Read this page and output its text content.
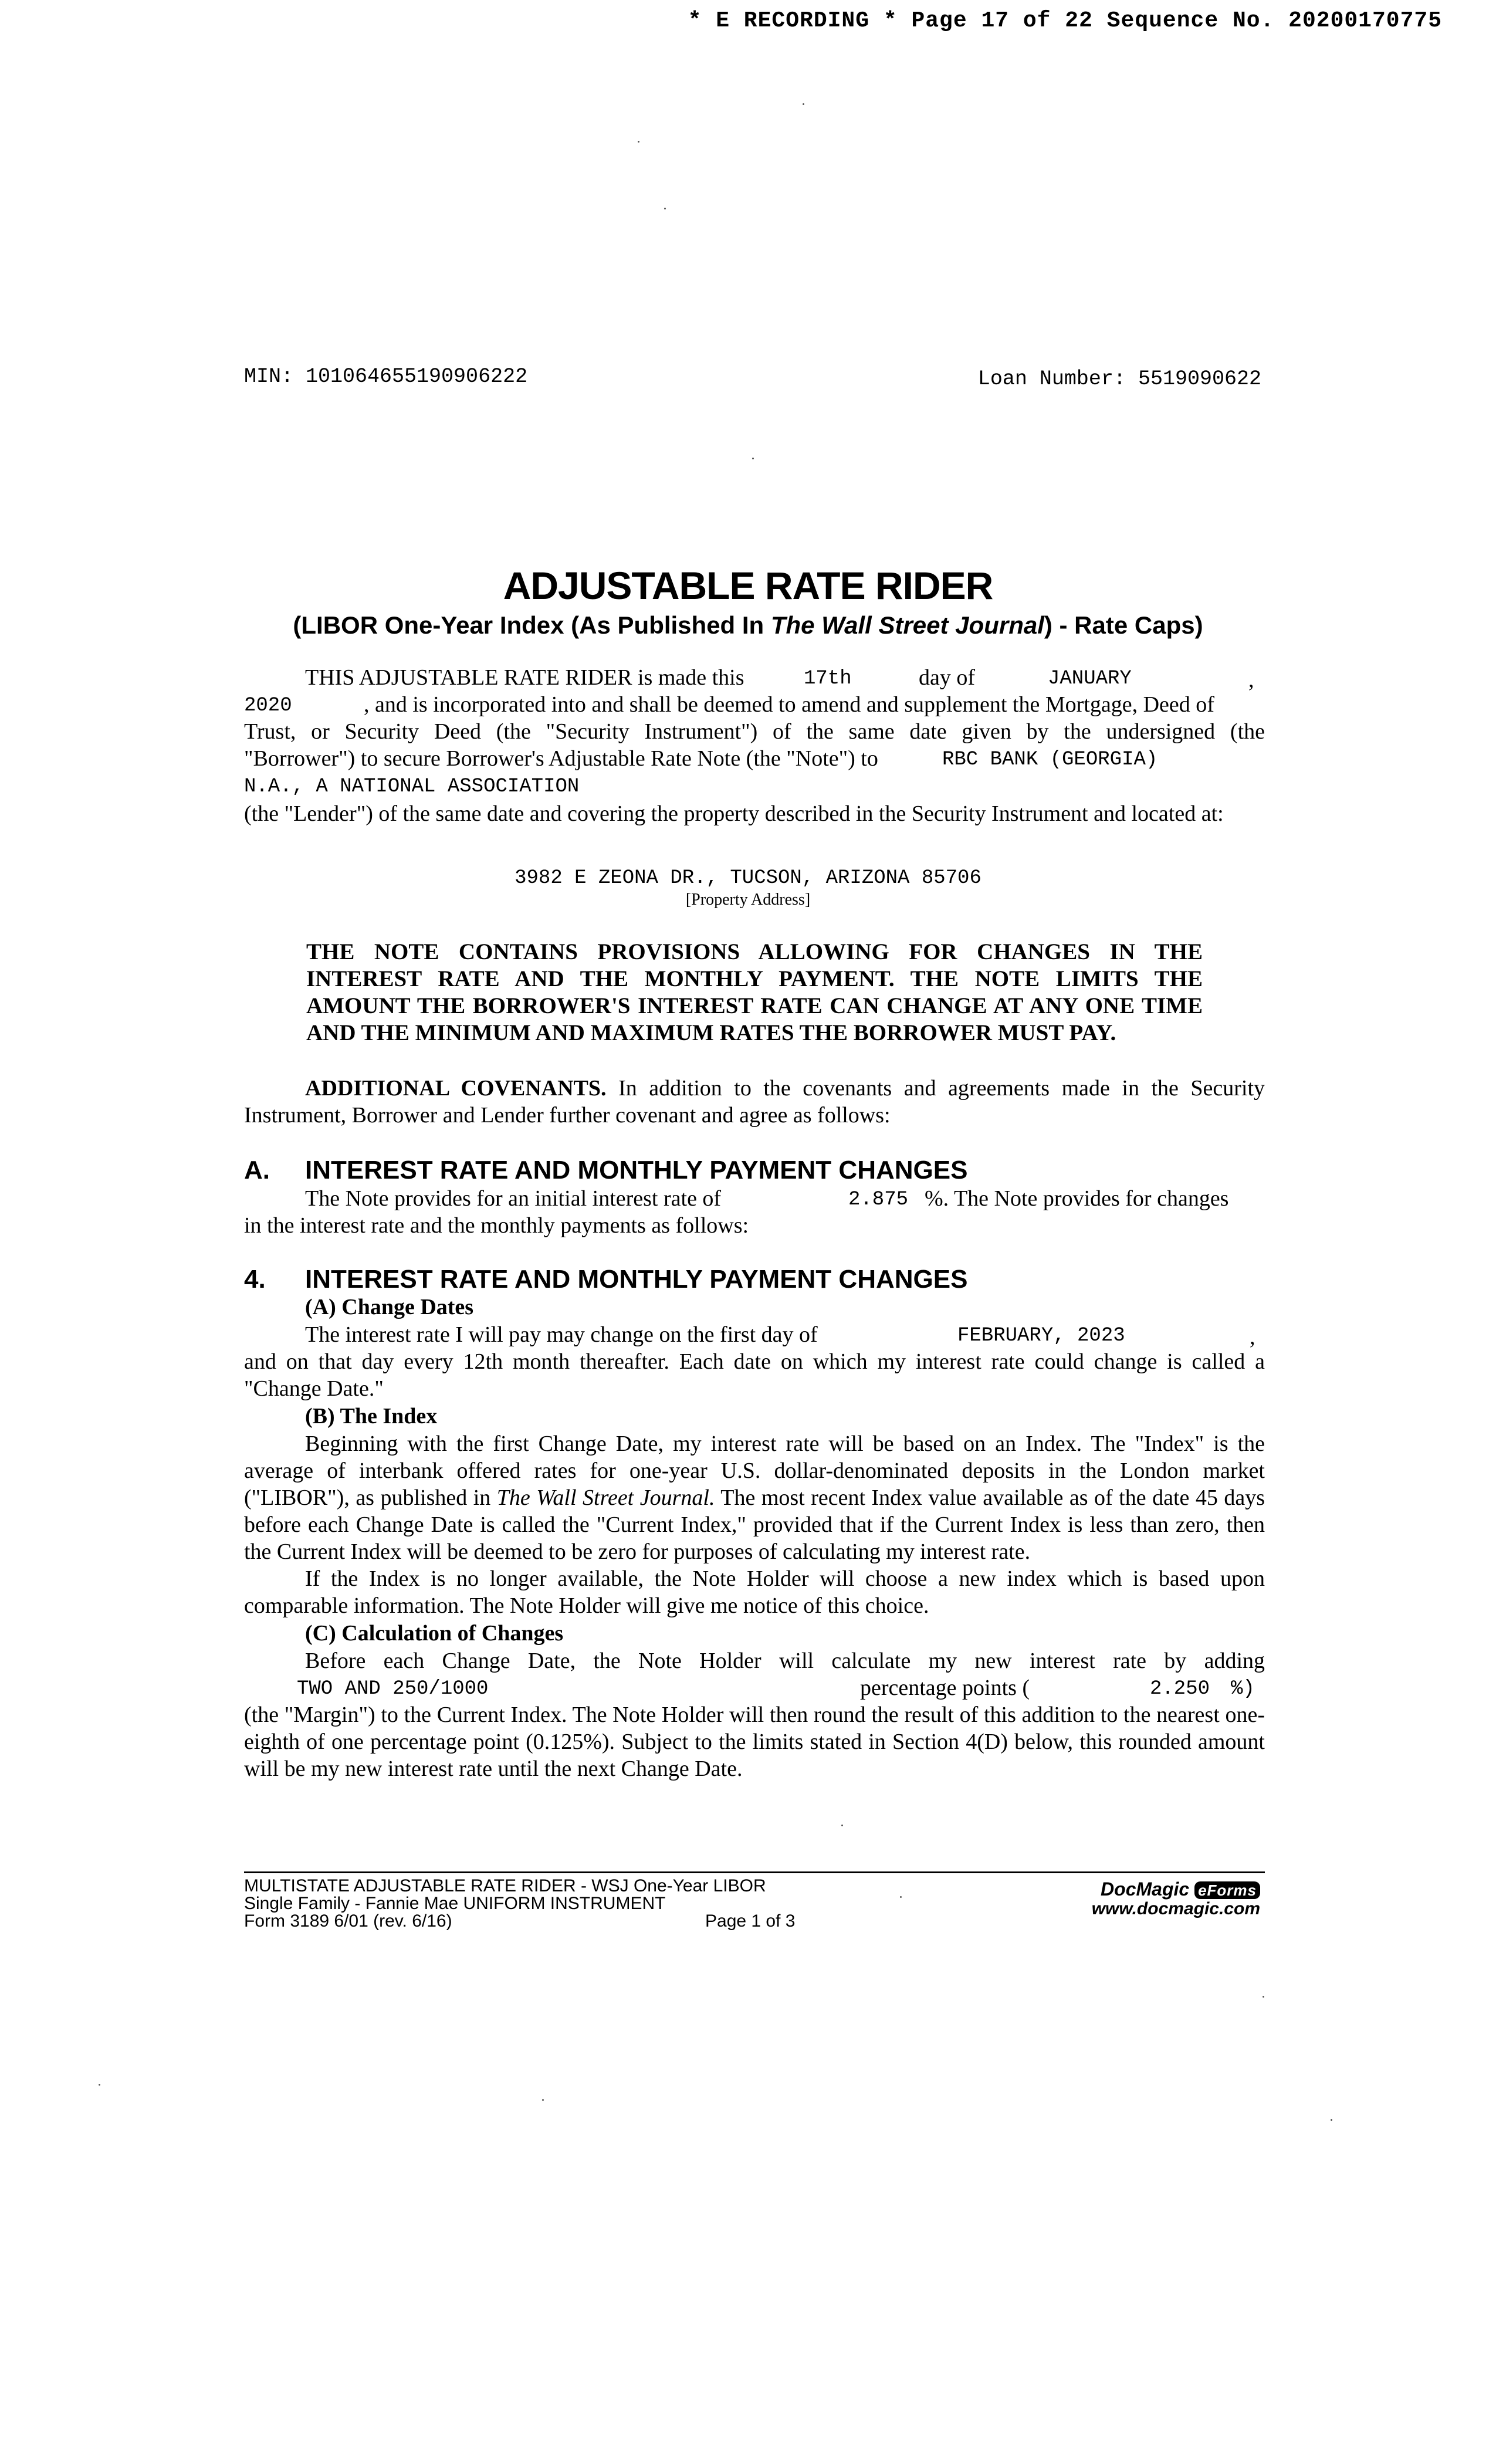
* E RECORDING * Page 17 of 22 Sequence No. 20200170775
MIN: 101064655190906222	Loan Number: 5519090622
ADJUSTABLE RATE RIDER
(LIBOR One-Year Index (As Published In The Wall Street Journal) - Rate Caps)
THIS ADJUSTABLE RATE RIDER is made this	17th	day of	JANUARY	,
2020	, and is incorporated into and shall be deemed to amend and supplement the Mortgage, Deed of
Trust, or Security Deed (the "Security Instrument") of the same date given by the undersigned (the
"Borrower") to secure Borrower's Adjustable Rate Note (the "Note") to	RBC BANK (GEORGIA)
N.A., A NATIONAL ASSOCIATION
(the "Lender") of the same date and covering the property described in the Security Instrument and located at:
3982 E ZEONA DR., TUCSON, ARIZONA 85706
[Property Address]
THE NOTE CONTAINS PROVISIONS ALLOWING FOR CHANGES IN THE INTEREST RATE AND THE MONTHLY PAYMENT. THE NOTE LIMITS THE AMOUNT THE BORROWER'S INTEREST RATE CAN CHANGE AT ANY ONE TIME AND THE MINIMUM AND MAXIMUM RATES THE BORROWER MUST PAY.
ADDITIONAL COVENANTS. In addition to the covenants and agreements made in the Security Instrument, Borrower and Lender further covenant and agree as follows:
A. INTEREST RATE AND MONTHLY PAYMENT CHANGES
The Note provides for an initial interest rate of	2.875 %. The Note provides for changes
in the interest rate and the monthly payments as follows:
4. INTEREST RATE AND MONTHLY PAYMENT CHANGES
(A) Change Dates
The interest rate I will pay may change on the first day of	FEBRUARY, 2023	,
and on that day every 12th month thereafter. Each date on which my interest rate could change is called a "Change Date."
(B) The Index
Beginning with the first Change Date, my interest rate will be based on an Index. The "Index" is the average of interbank offered rates for one-year U.S. dollar-denominated deposits in the London market ("LIBOR"), as published in The Wall Street Journal. The most recent Index value available as of the date 45 days before each Change Date is called the "Current Index," provided that if the Current Index is less than zero, then the Current Index will be deemed to be zero for purposes of calculating my interest rate.
If the Index is no longer available, the Note Holder will choose a new index which is based upon comparable information. The Note Holder will give me notice of this choice.
(C) Calculation of Changes
Before each Change Date, the Note Holder will calculate my new interest rate by adding
TWO AND 250/1000	percentage points (	2.250 %)
(the "Margin") to the Current Index. The Note Holder will then round the result of this addition to the nearest one-eighth of one percentage point (0.125%). Subject to the limits stated in Section 4(D) below, this rounded amount will be my new interest rate until the next Change Date.
MULTISTATE ADJUSTABLE RATE RIDER - WSJ One-Year LIBOR
Single Family - Fannie Mae UNIFORM INSTRUMENT
Form 3189 6/01 (rev. 6/16)	Page 1 of 3
DocMagic eForms
www.docmagic.com
